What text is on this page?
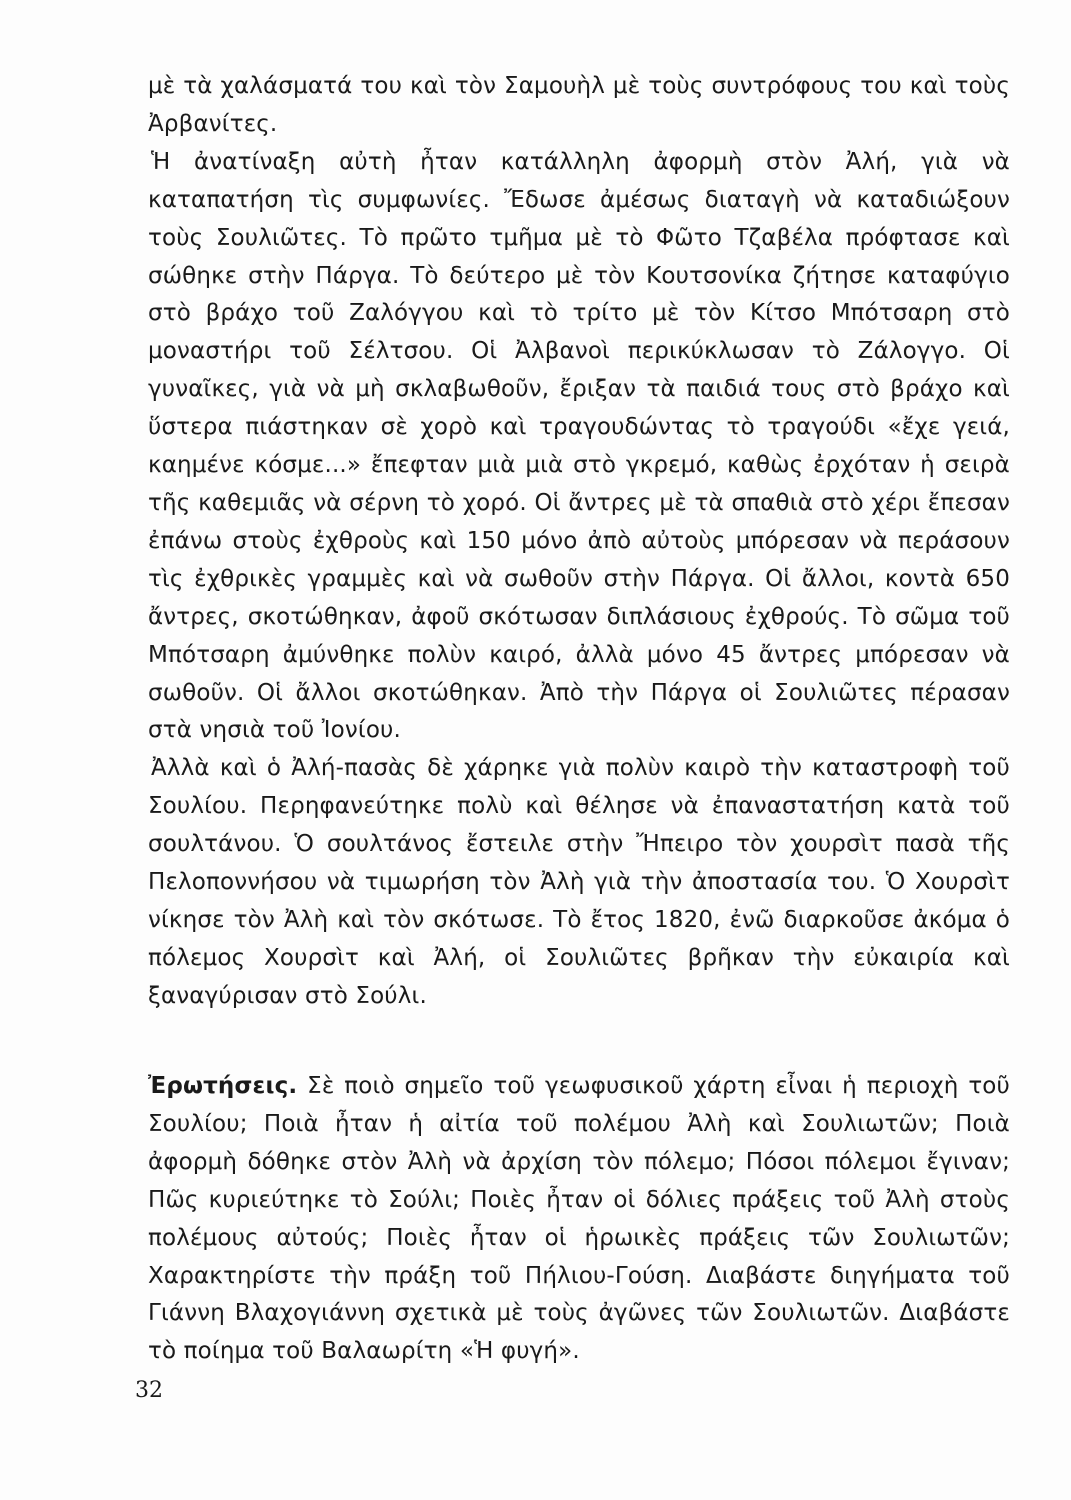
μὲ τὰ χαλάσματά του καὶ τὸν Σαμουὴλ μὲ τοὺς συντρόφους του καὶ τοὺς Ἀρβανίτες.

Ἡ ἀνατίναξη αὐτὴ ἦταν κατάλληλη ἀφορμὴ στὸν Ἀλή, γιὰ νὰ καταπατήση τὶς συμφωνίες. Ἔδωσε ἀμέσως διαταγὴ νὰ καταδιώξουν τοὺς Σουλιῶτες. Τὸ πρῶτο τμῆμα μὲ τὸ Φῶτο Τζαβέλα πρόφτασε καὶ σώθηκε στὴν Πάργα. Τὸ δεύτερο μὲ τὸν Κουτσονίκα ζήτησε καταφύγιο στὸ βράχο τοῦ Ζαλόγγου καὶ τὸ τρίτο μὲ τὸν Κίτσο Μπότσαρη στὸ μοναστήρι τοῦ Σέλτσου. Οἱ Ἀλβανοὶ περικύκλωσαν τὸ Ζάλογγο. Οἱ γυναῖκες, γιὰ νὰ μὴ σκλαβωθοῦν, ἔριξαν τὰ παιδιά τους στὸ βράχο καὶ ὕστερα πιάστηκαν σὲ χορὸ καὶ τραγουδώντας τὸ τραγούδι «ἔχε γειά, καημένε κόσμε...» ἔπεφταν μιὰ μιὰ στὸ γκρεμό, καθὼς ἐρχόταν ἡ σειρὰ τῆς καθεμιᾶς νὰ σέρνη τὸ χορό. Οἱ ἄντρες μὲ τὰ σπαθιὰ στὸ χέρι ἔπεσαν ἐπάνω στοὺς ἐχθροὺς καὶ 150 μόνο ἀπὸ αὐτοὺς μπόρεσαν νὰ περάσουν τὶς ἐχθρικὲς γραμμὲς καὶ νὰ σωθοῦν στὴν Πάργα. Οἱ ἄλλοι, κοντὰ 650 ἄντρες, σκοτώθηκαν, ἀφοῦ σκότωσαν διπλάσιους ἐχθρούς. Τὸ σῶμα τοῦ Μπότσαρη ἀμύνθηκε πολὺν καιρό, ἀλλὰ μόνο 45 ἄντρες μπόρεσαν νὰ σωθοῦν. Οἱ ἄλλοι σκοτώθηκαν. Ἀπὸ τὴν Πάργα οἱ Σουλιῶτες πέρασαν στὰ νησιὰ τοῦ Ἰονίου.

Ἀλλὰ καὶ ὁ Ἀλή-πασὰς δὲ χάρηκε γιὰ πολὺν καιρὸ τὴν καταστροφὴ τοῦ Σουλίου. Περηφανεύτηκε πολὺ καὶ θέλησε νὰ ἐπαναστατήση κατὰ τοῦ σουλτάνου. Ὁ σουλτάνος ἔστειλε στὴν Ἤπειρο τὸν χουρσὶτ πασὰ τῆς Πελοποννήσου νὰ τιμωρήση τὸν Ἀλὴ γιὰ τὴν ἀποστασία του. Ὁ Χουρσὶτ νίκησε τὸν Ἀλὴ καὶ τὸν σκότωσε. Τὸ ἔτος 1820, ἐνῶ διαρκοῦσε ἀκόμα ὁ πόλεμος Χουρσὶτ καὶ Ἀλή, οἱ Σουλιῶτες βρῆκαν τὴν εὐκαιρία καὶ ξαναγύρισαν στὸ Σούλι.

Ἐρωτήσεις. Σὲ ποιὸ σημεῖο τοῦ γεωφυσικοῦ χάρτη εἶναι ἡ περιοχὴ τοῦ Σουλίου; Ποιὰ ἦταν ἡ αἰτία τοῦ πολέμου Ἀλὴ καὶ Σουλιωτῶν; Ποιὰ ἀφορμὴ δόθηκε στὸν Ἀλὴ νὰ ἀρχίση τὸν πόλεμο; Πόσοι πόλεμοι ἔγιναν; Πῶς κυριεύτηκε τὸ Σούλι; Ποιὲς ἦταν οἱ δόλιες πράξεις τοῦ Ἀλὴ στοὺς πολέμους αὐτούς; Ποιὲς ἦταν οἱ ἡρωικὲς πράξεις τῶν Σουλιωτῶν; Χαρακτηρίστε τὴν πράξη τοῦ Πήλιου-Γούση. Διαβάστε διηγήματα τοῦ Γιάννη Βλαχογιάννη σχετικὰ μὲ τοὺς ἀγῶνες τῶν Σουλιωτῶν. Διαβάστε τὸ ποίημα τοῦ Βαλαωρίτη «Ἡ φυγή».

32
